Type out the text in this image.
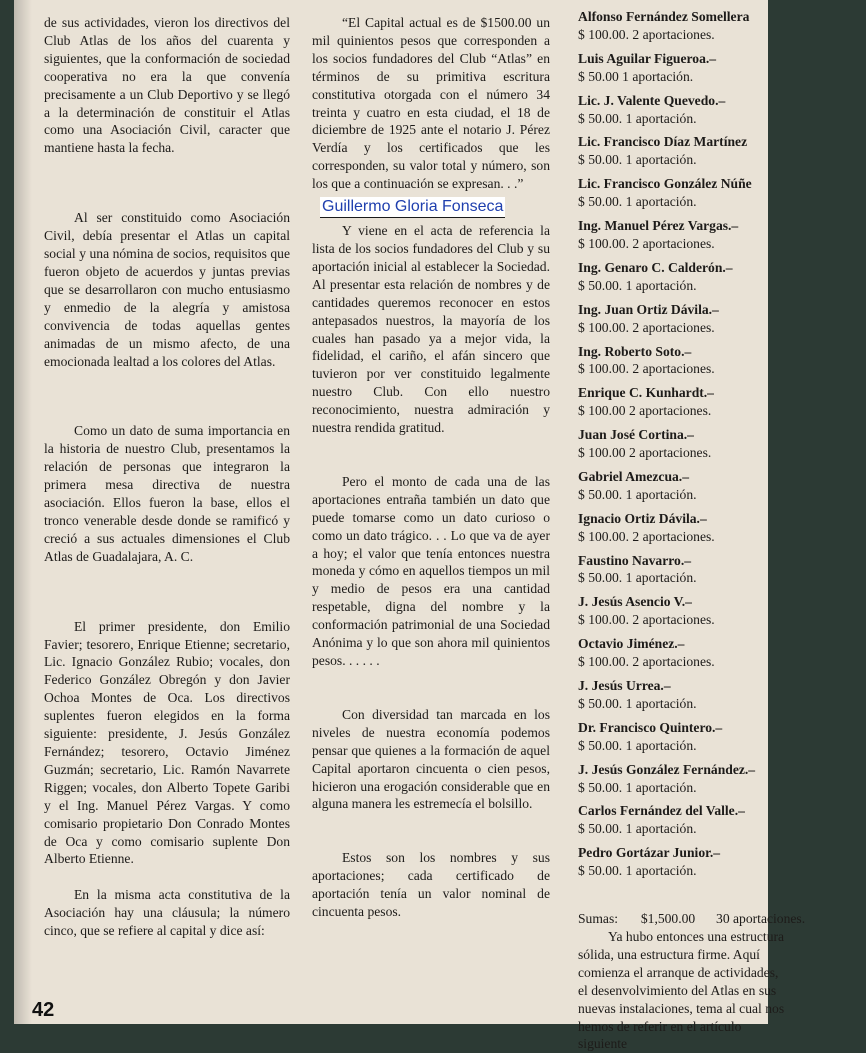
de sus actividades, vieron los directivos del Club Atlas de los años del cuarenta y siguientes, que la conformación de sociedad cooperativa no era la que convenía precisamente a un Club Deportivo y se llegó a la determinación de constituir el Atlas como una Asociación Civil, caracter que mantiene hasta la fecha.

Al ser constituido como Asociación Civil, debía presentar el Atlas un capital social y una nómina de socios, requisitos que fueron objeto de acuerdos y juntas previas que se desarrollaron con mucho entusiasmo y enmedio de la alegría y amistosa convivencia de todas aquellas gentes animadas de un mismo afecto, de una emocionada lealtad a los colores del Atlas.

Como un dato de suma importancia en la historia de nuestro Club, presentamos la relación de personas que integraron la primera mesa directiva de nuestra asociación. Ellos fueron la base, ellos el tronco venerable desde donde se ramificó y creció a sus actuales dimensiones el Club Atlas de Guadalajara, A. C.

El primer presidente, don Emilio Favier; tesorero, Enrique Etienne; secretario, Lic. Ignacio González Rubio; vocales, don Federico González Obregón y don Javier Ochoa Montes de Oca. Los directivos suplentes fueron elegidos en la forma siguiente: presidente, J. Jesús González Fernández; tesorero, Octavio Jiménez Guzmán; secretario, Lic. Ramón Navarrete Riggen; vocales, don Alberto Topete Garibi y el Ing. Manuel Pérez Vargas. Y como comisario propietario Don Conrado Montes de Oca y como comisario suplente Don Alberto Etienne.

En la misma acta constitutiva de la Asociación hay una cláusula; la número cinco, que se refiere al capital y dice así:

“El Capital actual es de $1500.00 un mil quinientos pesos que corresponden a los socios fundadores del Club “Atlas” en términos de su primitiva escritura constitutiva otorgada con el número 34 treinta y cuatro en esta ciudad, el 18 de diciembre de 1925 ante el notario J. Pérez Verdía y los certificados que les corresponden, su valor total y número, son los que a continuación se expresan. . .”

Guillermo Gloria Fonseca

Y viene en el acta de referencia la lista de los socios fundadores del Club y su aportación inicial al establecer la Sociedad. Al presentar esta relación de nombres y de cantidades queremos reconocer en estos antepasados nuestros, la mayoría de los cuales han pasado ya a mejor vida, la fidelidad, el cariño, el afán sincero que tuvieron por ver constituido legalmente nuestro Club. Con ello nuestro reconocimiento, nuestra admiración y nuestra rendida gratitud.

Pero el monto de cada una de las aportaciones entraña también un dato que puede tomarse como un dato curioso o como un dato trágico. . . Lo que va de ayer a hoy; el valor que tenía entonces nuestra moneda y cómo en aquellos tiempos un mil y medio de pesos era una cantidad respetable, digna del nombre y la conformación patrimonial de una Sociedad Anónima y lo que son ahora mil quinientos pesos. . . . . .

Con diversidad tan marcada en los niveles de nuestra economía podemos pensar que quienes a la formación de aquel Capital aportaron cincuenta o cien pesos, hicieron una erogación considerable que en alguna manera les estremecía el bolsillo.

Estos son los nombres y sus aportaciones; cada certificado de aportación tenía un valor nominal de cincuenta pesos.

Alfonso Fernández Somellera
$ 100.00. 2 aportaciones.
Luis Aguilar Figueroa.–
$ 50.00 1 aportación.
Lic. J. Valente Quevedo.–
$ 50.00. 1 aportación.
Lic. Francisco Díaz Martínez
$ 50.00. 1 aportación.
Lic. Francisco González Núñe
$ 50.00. 1 aportación.
Ing. Manuel Pérez Vargas.–
$ 100.00. 2 aportaciones.
Ing. Genaro C. Calderón.–
$ 50.00. 1 aportación.
Ing. Juan Ortiz Dávila.–
$ 100.00. 2 aportaciones.
Ing. Roberto Soto.–
$ 100.00. 2 aportaciones.
Enrique C. Kunhardt.–
$ 100.00 2 aportaciones.
Juan José Cortina.–
$ 100.00 2 aportaciones.
Gabriel Amezcua.–
$ 50.00. 1 aportación.
Ignacio Ortiz Dávila.–
$ 100.00. 2 aportaciones.
Faustino Navarro.–
$ 50.00. 1 aportación.
J. Jesús Asencio V.–
$ 100.00. 2 aportaciones.
Octavio Jiménez.–
$ 100.00. 2 aportaciones.
J. Jesús Urrea.–
$ 50.00. 1 aportación.
Dr. Francisco Quintero.–
$ 50.00. 1 aportación.
J. Jesús González Fernández.–
$ 50.00. 1 aportación.
Carlos Fernández del Valle.–
$ 50.00. 1 aportación.
Pedro Gortázar Junior.–
$ 50.00. 1 aportación.
Sumas: $1,500.00 30 aportaciones.

Ya hubo entonces una estructura sólida, una estructura firme. Aquí comienza el arranque de actividades, el desenvolvimiento del Atlas en sus nuevas instalaciones, tema al cual nos hemos de referir en el artículo siguiente

42
